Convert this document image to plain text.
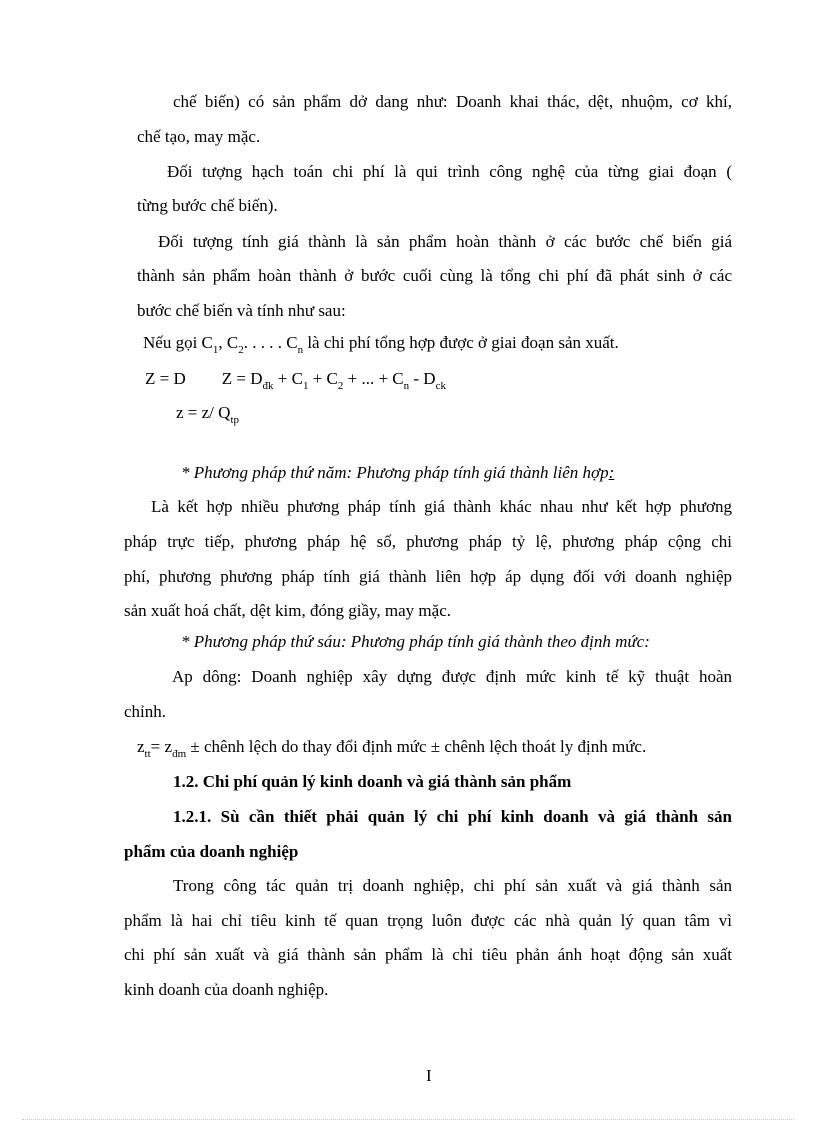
chế biến) có sản phẩm dở dang như: Doanh khai thác, dệt, nhuộm, cơ khí,
chế tạo, may mặc.
Đối tượng hạch toán chi phí là qui trình công nghệ của từng giai đoạn (
từng bước chế biến).
Đối tượng tính giá thành là sản phẩm hoàn thành ở các bước chế biến giá
thành sản phẩm hoàn thành ở bước cuối cùng là tổng chi phí đã phát sinh ở các
bước chế biến và tính như sau:
Nếu gọi $C_1$, $C_2$. . . . . $C_n$ là chi phí tổng hợp được ở giai đoạn sản xuất.
Z = D $Z = D_{đk} + C_1 + C_2$ + ... + $C_n - D_{ck}$
z = z/ $Q_{tp}$
* Phương pháp thứ năm: Phương pháp tính giá thành liên hợp:
Là kết hợp nhiều phương pháp tính giá thành khác nhau như kết hợp phương
pháp trực tiếp, phương pháp hệ số, phương pháp tỷ lệ, phương pháp cộng chi
phí, phương phương pháp tính giá thành liên hợp áp dụng đối với doanh nghiệp
sản xuất hoá chất, dệt kim, đóng giầy, may mặc.
* Phương pháp thứ sáu: Phương pháp tính giá thành theo định mức:
Ap dông: Doanh nghiệp xây dựng được định mức kinh tế kỹ thuật hoàn
chỉnh.
$z_{tt}= z_{đm}$ ± chênh lệch do thay đổi định mức ± chênh lệch thoát ly định mức.
1.2. Chi phí quản lý kinh doanh và giá thành sản phẩm
1.2.1. Sù cần thiết phải quản lý chi phí kinh doanh và giá thành sản
phẩm của doanh nghiệp
Trong công tác quản trị doanh nghiệp, chi phí sản xuất và giá thành sản
phẩm là hai chỉ tiêu kinh tế quan trọng luôn được các nhà quản lý quan tâm vì
chi phí sản xuất và giá thành sản phẩm là chỉ tiêu phản ánh hoạt động sản xuất
kinh doanh của doanh nghiệp.
I
